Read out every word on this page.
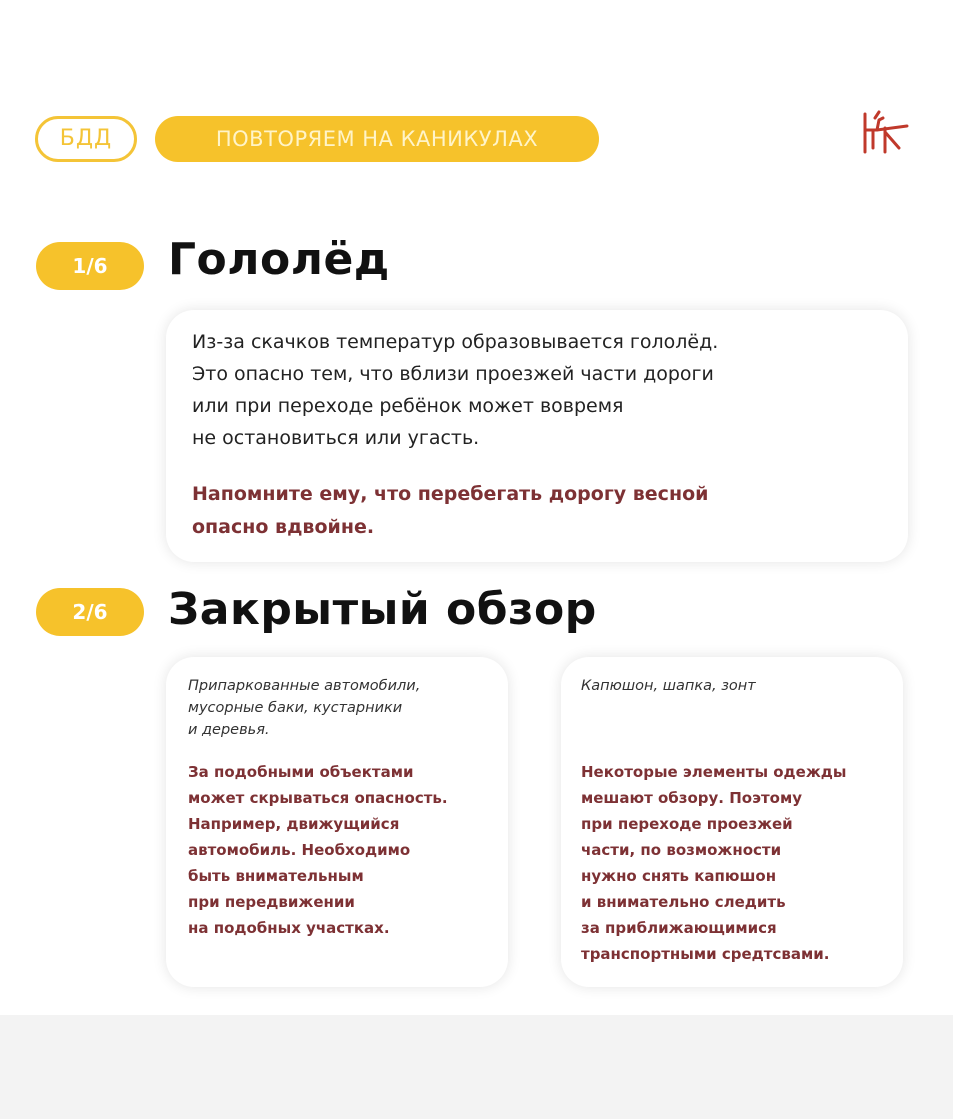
БДД	ПОВТОРЯЕМ НА КАНИКУЛАХ
1/6	Гололёд
Из-за скачков температур образовывается гололёд.
Это опасно тем, что вблизи проезжей части дороги
или при переходе ребёнок может вовремя
не остановиться или угасть.
Напомните ему, что перебегать дорогу весной
опасно вдвойне.
2/6	Закрытый обзор
Припаркованные автомобили,
мусорные баки, кустарники
и деревья.
За подобными объектами
может скрываться опасность.
Например, движущийся
автомобиль. Необходимо
быть внимательным
при передвижении
на подобных участках.
Капюшон, шапка, зонт
Некоторые элементы одежды
мешают обзору. Поэтому
при переходе проезжей
части, по возможности
нужно снять капюшон
и внимательно следить
за приближающимися
транспортными средтсвами.
